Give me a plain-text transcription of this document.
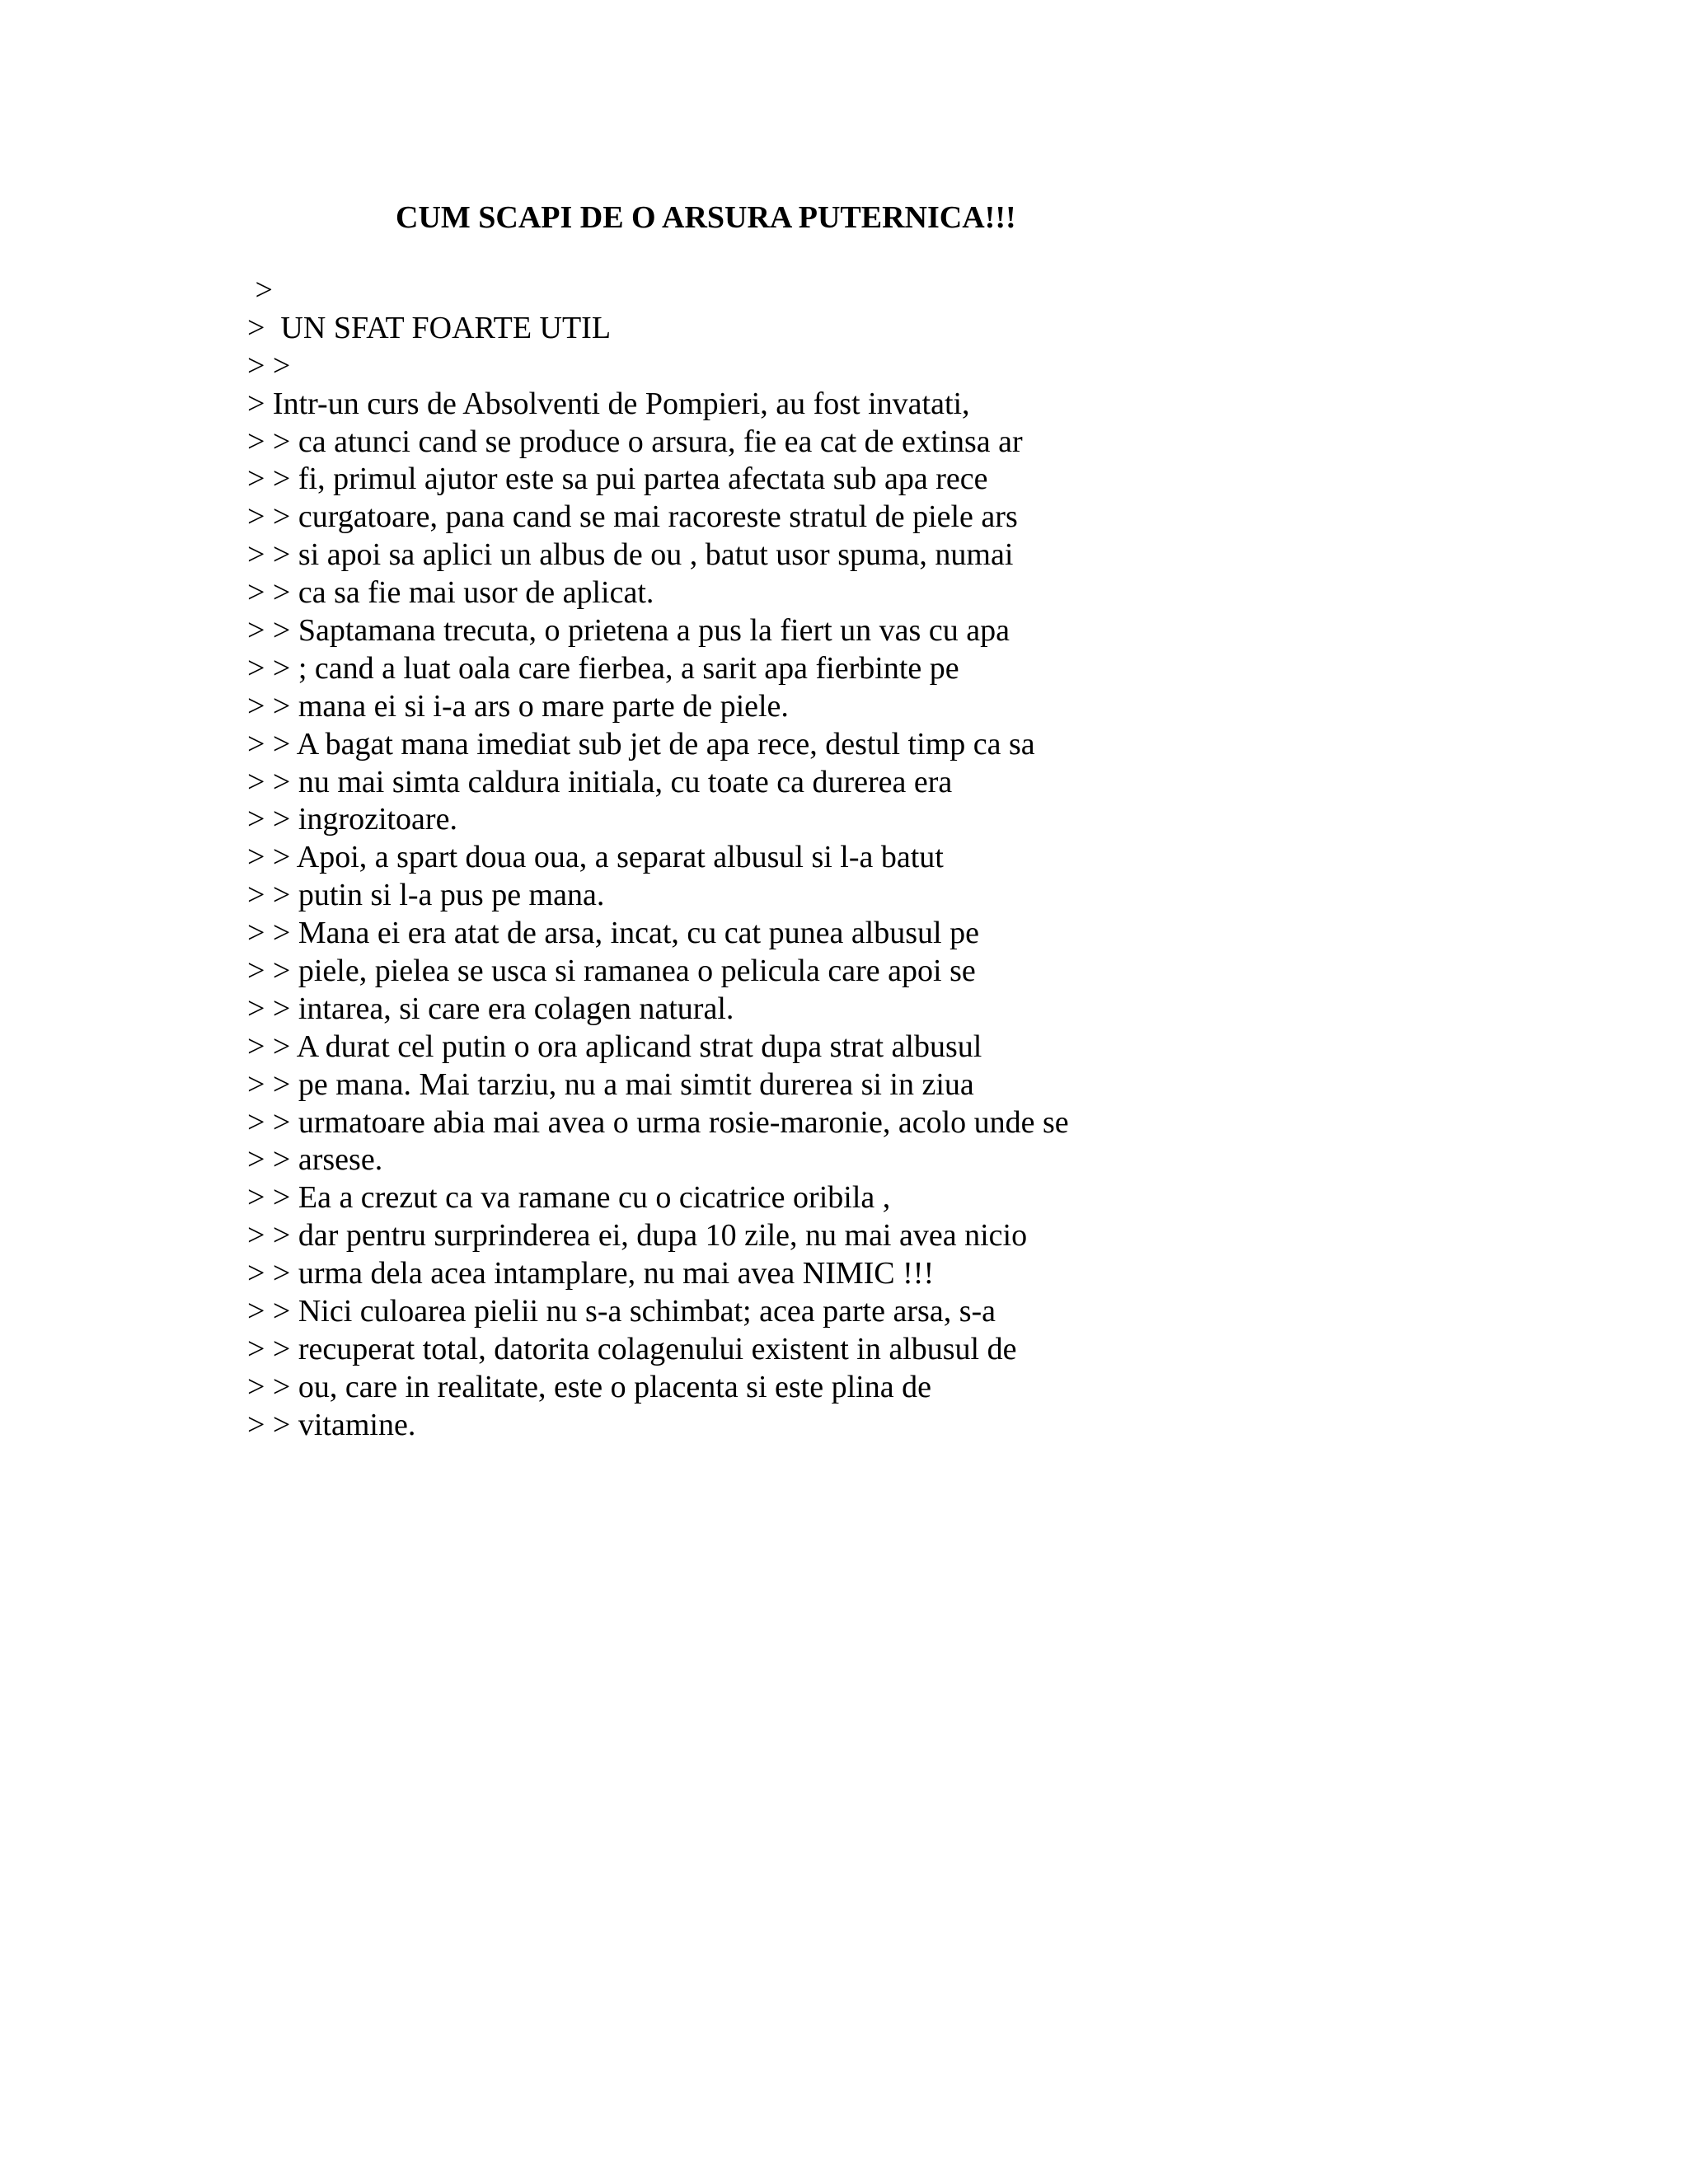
CUM SCAPI DE O ARSURA PUTERNICA!!!

>

>  UN SFAT FOARTE UTIL

> >

> Intr-un curs de Absolventi de Pompieri, au fost invatati,

> > ca atunci cand se produce o arsura, fie ea cat de extinsa ar

> > fi, primul ajutor este sa pui partea afectata sub apa rece

> > curgatoare, pana cand se mai racoreste stratul de piele ars

> > si apoi sa aplici un albus de ou , batut usor spuma, numai

> > ca sa fie mai usor de aplicat.

> > Saptamana trecuta, o prietena a pus la fiert un vas cu apa

> > ; cand a luat oala care fierbea, a sarit apa fierbinte pe

> > mana ei si i-a ars o mare parte de piele.

> > A bagat mana imediat sub jet de apa rece, destul timp ca sa

> > nu mai simta caldura initiala, cu toate ca durerea era

> > ingrozitoare.

> > Apoi, a spart doua oua, a separat albusul si l-a batut

> > putin si l-a pus pe mana.

> > Mana ei era atat de arsa, incat, cu cat punea albusul pe

> > piele, pielea se usca si ramanea o pelicula care apoi se

> > intarea, si care era colagen natural.

> > A durat cel putin o ora aplicand strat dupa strat albusul

> > pe mana. Mai tarziu, nu a mai simtit durerea si in ziua

> > urmatoare abia mai avea o urma rosie-maronie, acolo unde se

> > arsese.

> > Ea a crezut ca va ramane cu o cicatrice oribila ,

> > dar pentru surprinderea ei, dupa 10 zile, nu mai avea nicio

> > urma dela acea intamplare, nu mai avea NIMIC !!!

> > Nici culoarea pielii nu s-a schimbat; acea parte arsa, s-a

> > recuperat total, datorita colagenului existent in albusul de

> > ou, care in realitate, este o placenta si este plina de

> > vitamine.
